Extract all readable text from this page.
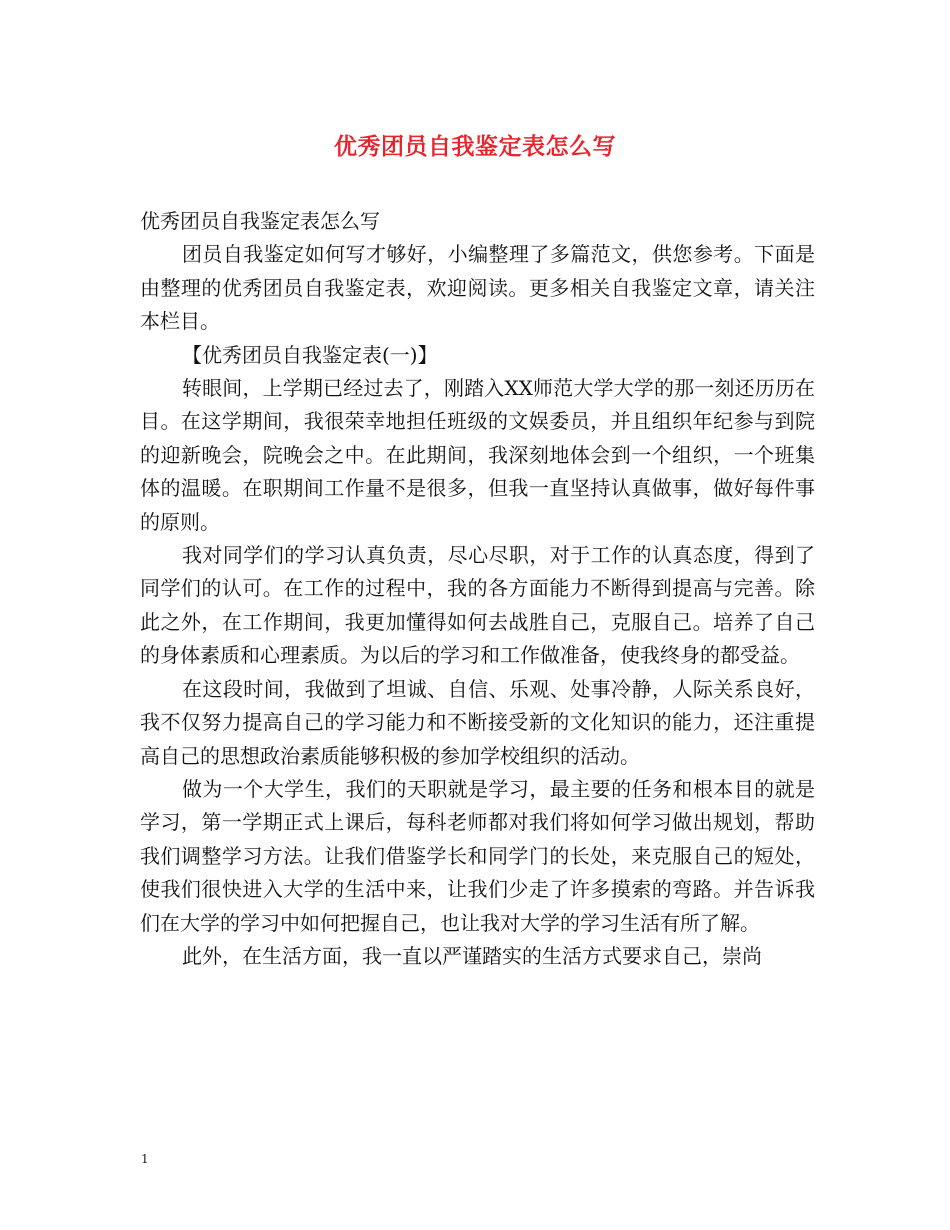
优秀团员自我鉴定表怎么写

优秀团员自我鉴定表怎么写

团员自我鉴定如何写才够好，小编整理了多篇范文，供您参考。下面是由整理的优秀团员自我鉴定表，欢迎阅读。更多相关自我鉴定文章，请关注本栏目。

【优秀团员自我鉴定表(一)】

转眼间，上学期已经过去了，刚踏入XX师范大学大学的那一刻还历历在目。在这学期间，我很荣幸地担任班级的文娱委员，并且组织年纪参与到院的迎新晚会，院晚会之中。在此期间，我深刻地体会到一个组织，一个班集体的温暖。在职期间工作量不是很多，但我一直坚持认真做事，做好每件事的原则。

我对同学们的学习认真负责，尽心尽职，对于工作的认真态度，得到了同学们的认可。在工作的过程中，我的各方面能力不断得到提高与完善。除此之外，在工作期间，我更加懂得如何去战胜自己，克服自己。培养了自己的身体素质和心理素质。为以后的学习和工作做准备，使我终身的都受益。

在这段时间，我做到了坦诚、自信、乐观、处事冷静，人际关系良好，我不仅努力提高自己的学习能力和不断接受新的文化知识的能力，还注重提高自己的思想政治素质能够积极的参加学校组织的活动。

做为一个大学生，我们的天职就是学习，最主要的任务和根本目的就是学习，第一学期正式上课后，每科老师都对我们将如何学习做出规划，帮助我们调整学习方法。让我们借鉴学长和同学门的长处，来克服自己的短处，使我们很快进入大学的生活中来，让我们少走了许多摸索的弯路。并告诉我们在大学的学习中如何把握自己，也让我对大学的学习生活有所了解。

此外，在生活方面，我一直以严谨踏实的生活方式要求自己，崇尚

1
